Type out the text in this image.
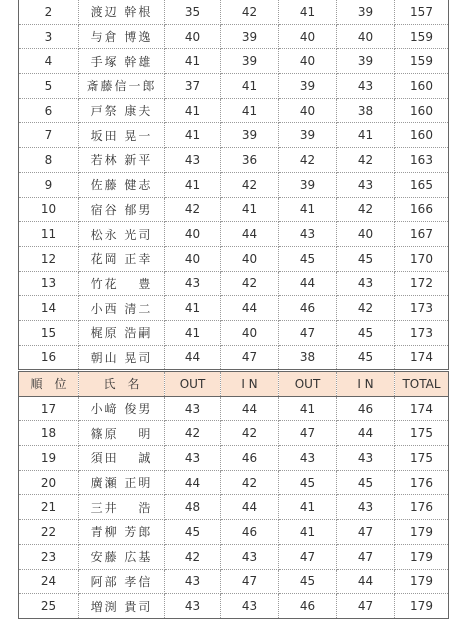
2	渡辺 幹根	35	42	41	39	157
3	与倉 博逸	40	39	40	40	159
4	手塚 幹雄	41	39	40	39	159
5	斎藤信一郎	37	41	39	43	160
6	戸祭 康夫	41	41	40	38	160
7	坂田 晃一	41	39	39	41	160
8	若林 新平	43	36	42	42	163
9	佐藤 健志	41	42	39	43	165
10	宿谷 郁男	42	41	41	42	166
11	松永 光司	40	44	43	40	167
12	花岡 正幸	40	40	45	45	170
13	竹花　 豊	43	42	44	43	172
14	小西 清二	41	44	46	42	173
15	梶原 浩嗣	41	40	47	45	173
16	朝山 晃司	44	47	38	45	174
順　位	氏　名	OUT	I N	OUT	I N	TOTAL
17	小﨑 俊男	43	44	41	46	174
18	篠原　 明	42	42	47	44	175
19	須田　 誠	43	46	43	43	175
20	廣瀬 正明	44	42	45	45	176
21	三井　 浩	48	44	41	43	176
22	青柳 芳郎	45	46	41	47	179
23	安藤 広基	42	43	47	47	179
24	阿部 孝信	43	47	45	44	179
25	増渕 貴司	43	43	46	47	179
